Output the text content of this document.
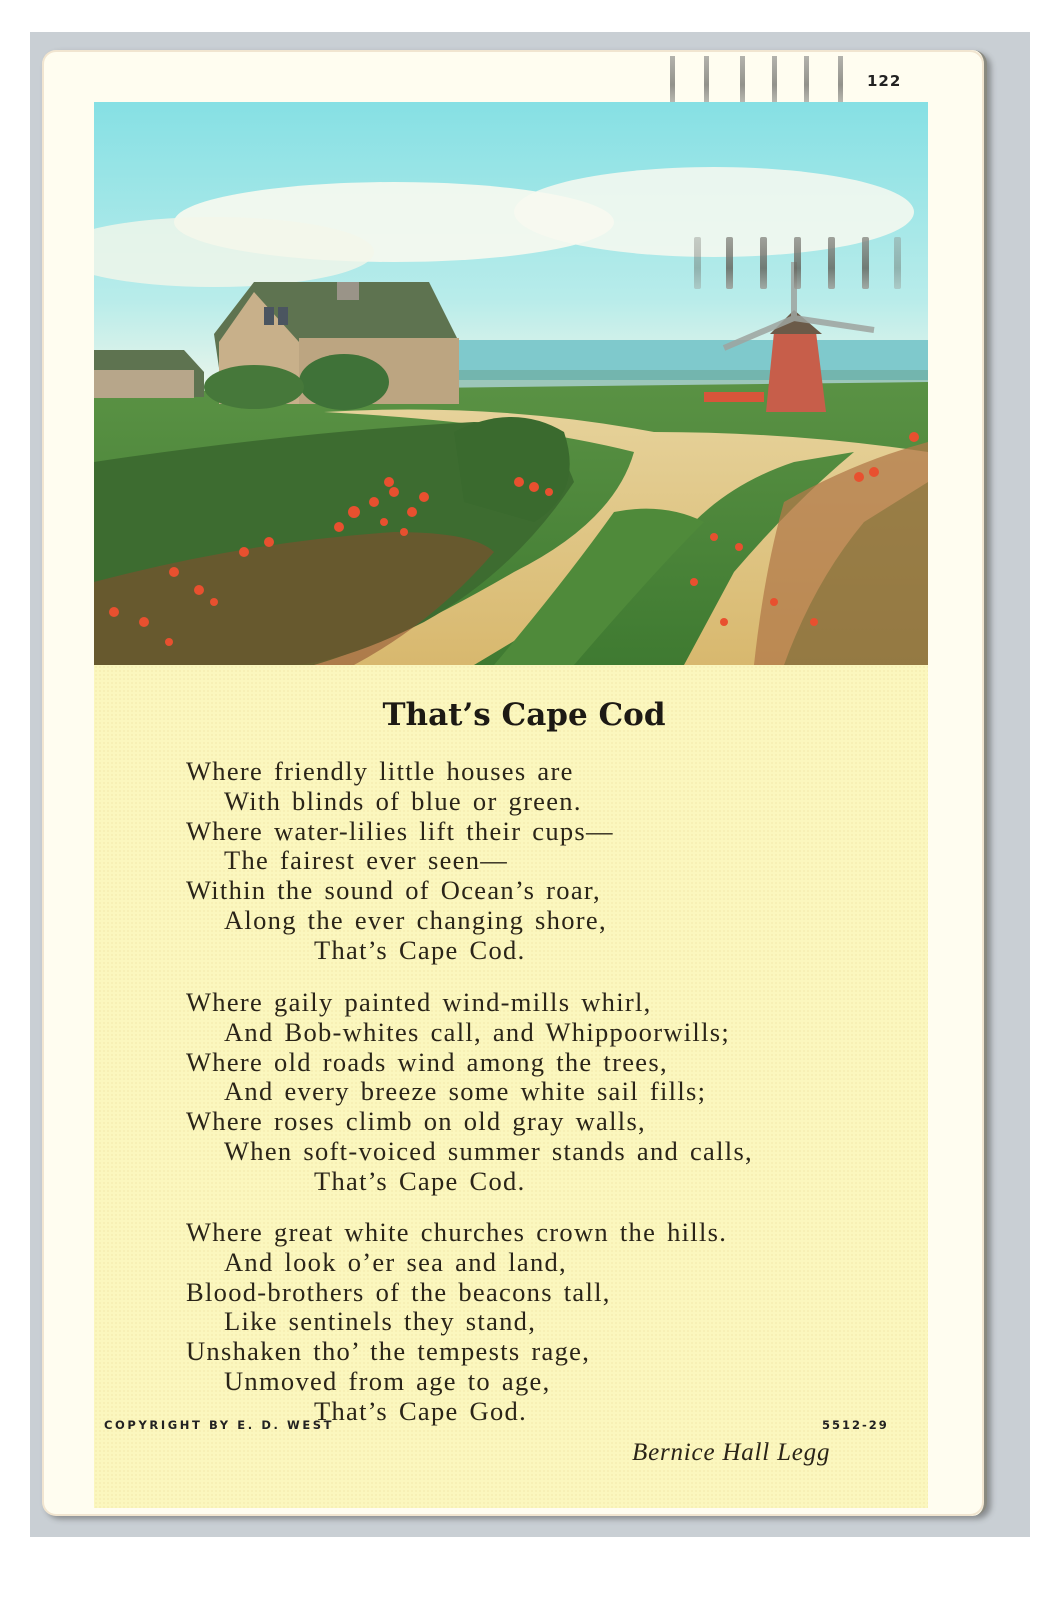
122
That’s Cape Cod
Where friendly little houses are
With blinds of blue or green.
Where water-lilies lift their cups—
The fairest ever seen—
Within the sound of Ocean’s roar,
Along the ever changing shore,
That’s Cape Cod.
Where gaily painted wind-mills whirl,
And Bob-whites call, and Whippoorwills;
Where old roads wind among the trees,
And every breeze some white sail fills;
Where roses climb on old gray walls,
When soft-voiced summer stands and calls,
That’s Cape Cod.
Where great white churches crown the hills.
And look o’er sea and land,
Blood-brothers of the beacons tall,
Like sentinels they stand,
Unshaken tho’ the tempests rage,
Unmoved from age to age,
That’s Cape God.
Bernice Hall Legg
COPYRIGHT BY E. D. WEST	5512-29
